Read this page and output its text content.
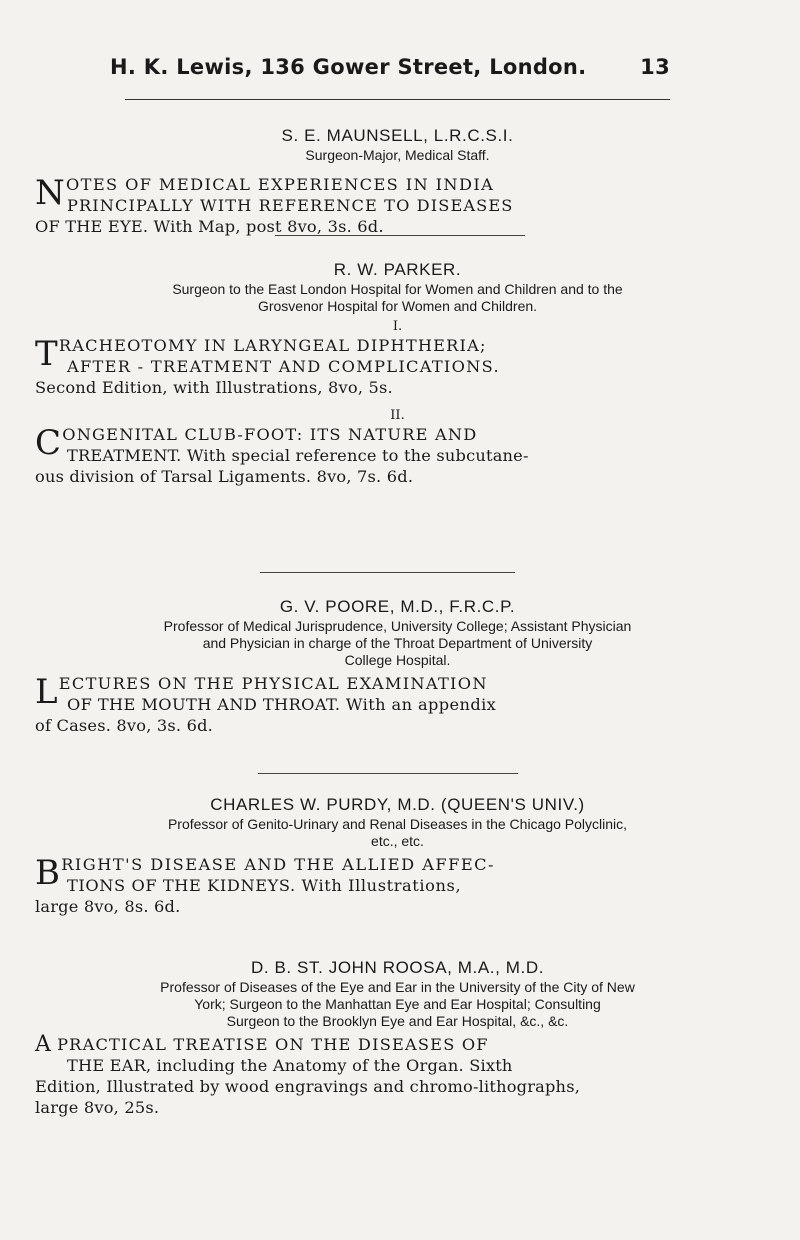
H. K. Lewis, 136 Gower Street, London.	13
S. E. MAUNSELL, L.R.C.S.I.
Surgeon-Major, Medical Staff.
NOTES OF MEDICAL EXPERIENCES IN INDIA
PRINCIPALLY WITH REFERENCE TO DISEASES
OF THE EYE. With Map, post 8vo, 3s. 6d.
R. W. PARKER.
Surgeon to the East London Hospital for Women and Children and to the
Grosvenor Hospital for Women and Children.
I.
TRACHEOTOMY IN LARYNGEAL DIPHTHERIA;
AFTER - TREATMENT AND COMPLICATIONS.
Second Edition, with Illustrations, 8vo, 5s.
II.
CONGENITAL CLUB-FOOT: ITS NATURE AND
TREATMENT. With special reference to the subcutane-
ous division of Tarsal Ligaments. 8vo, 7s. 6d.
G. V. POORE, M.D., F.R.C.P.
Professor of Medical Jurisprudence, University College; Assistant Physician
and Physician in charge of the Throat Department of University
College Hospital.
LECTURES ON THE PHYSICAL EXAMINATION
OF THE MOUTH AND THROAT. With an appendix
of Cases. 8vo, 3s. 6d.
CHARLES W. PURDY, M.D. (QUEEN'S UNIV.)
Professor of Genito-Urinary and Renal Diseases in the Chicago Polyclinic,
etc., etc.
BRIGHT'S DISEASE AND THE ALLIED AFFEC-
TIONS OF THE KIDNEYS. With Illustrations,
large 8vo, 8s. 6d.
D. B. ST. JOHN ROOSA, M.A., M.D.
Professor of Diseases of the Eye and Ear in the University of the City of New
York; Surgeon to the Manhattan Eye and Ear Hospital; Consulting
Surgeon to the Brooklyn Eye and Ear Hospital, &c., &c.
A PRACTICAL TREATISE ON THE DISEASES OF
THE EAR, including the Anatomy of the Organ. Sixth
Edition, Illustrated by wood engravings and chromo-lithographs,
large 8vo, 25s.
